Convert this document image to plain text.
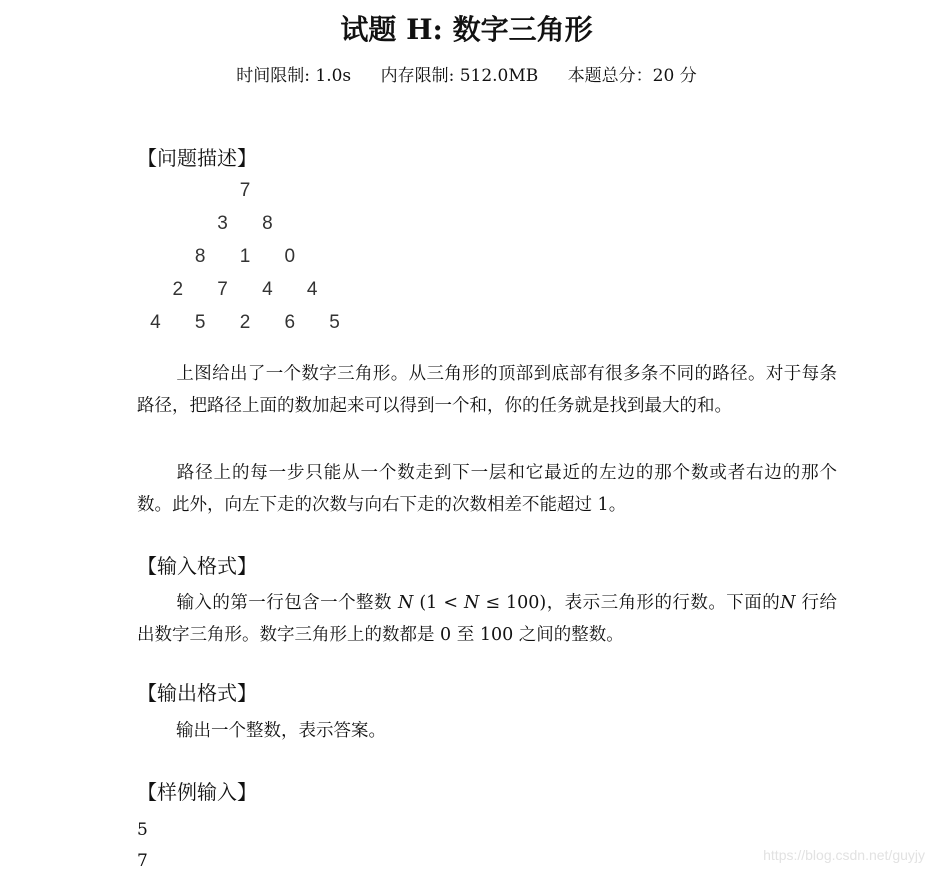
试题 H: 数字三角形
时间限制: 1.0s 内存限制: 512.0MB 本题总分：20 分
【问题描述】
7
3 8
8 1 0
2 7 4 4
4 5 2 6 5
上图给出了一个数字三角形。从三角形的顶部到底部有很多条不同的路径。对于每条路径，把路径上面的数加起来可以得到一个和，你的任务就是找到最大的和。
路径上的每一步只能从一个数走到下一层和它最近的左边的那个数或者右边的那个数。此外，向左下走的次数与向右下走的次数相差不能超过 1。
【输入格式】
输入的第一行包含一个整数 N (1 < N ≤ 100)，表示三角形的行数。下面的N 行给出数字三角形。数字三角形上的数都是 0 至 100 之间的整数。
【输出格式】
输出一个整数，表示答案。
【样例输入】
5
7	https://blog.csdn.net/guyjy
